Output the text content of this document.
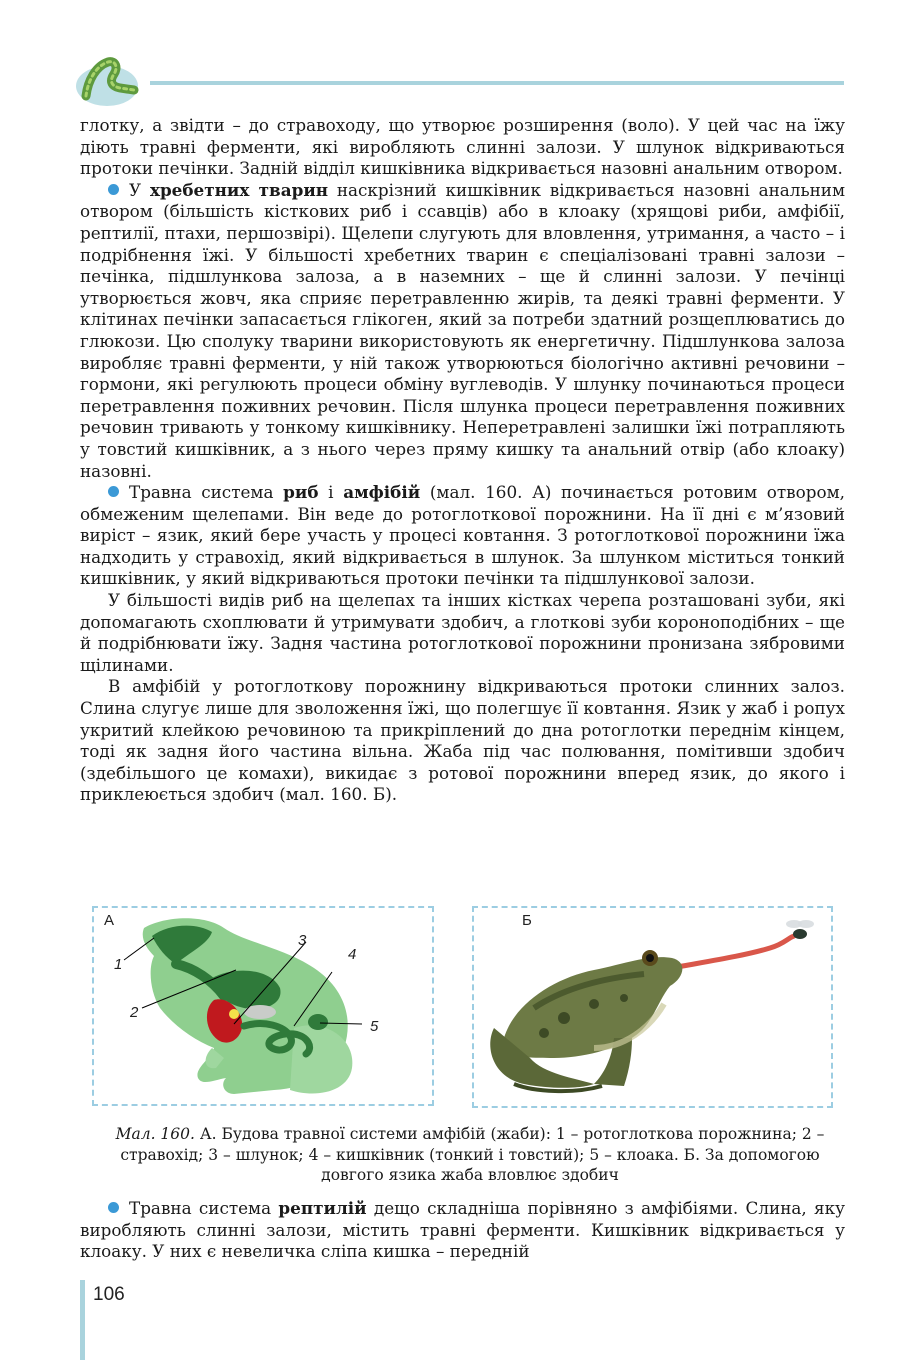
глотку, а звідти – до стравоходу, що утворює розширення (воло). У цей час на їжу діють травні ферменти, які виробляють слинні залози. У шлунок відкриваються протоки печінки. Задній відділ кишківника відкривається назовні анальним отвором.

У хребетних тварин наскрізний кишківник відкривається назовні анальним отвором (більшість кісткових риб і ссавців) або в клоаку (хрящові риби, амфібії, рептилії, птахи, першозвірі). Щелепи слугують для вловлення, утримання, а часто – і подрібнення їжі. У більшості хребетних тварин є спеціалізовані травні залози – печінка, підшлункова залоза, а в наземних – ще й слинні залози. У печінці утворюється жовч, яка сприяє перетравленню жирів, та деякі травні ферменти. У клітинах печінки запасається глікоген, який за потреби здатний розщеплюватись до глюкози. Цю сполуку тварини використовують як енергетичну. Підшлункова залоза виробляє травні ферменти, у ній також утворюються біологічно активні речовини – гормони, які регулюють процеси обміну вуглеводів. У шлунку починаються процеси перетравлення поживних речовин. Після шлунка процеси перетравлення поживних речовин тривають у тонкому кишківнику. Неперетравлені залишки їжі потрапляють у товстий кишківник, а з нього через пряму кишку та анальний отвір (або клоаку) назовні.

Травна система риб і амфібій (мал. 160. А) починається ротовим отвором, обмеженим щелепами. Він веде до ротоглоткової порожнини. На її дні є м’язовий виріст – язик, який бере участь у процесі ковтання. З ротоглоткової порожнини їжа надходить у стравохід, який відкривається в шлунок. За шлунком міститься тонкий кишківник, у який відкриваються протоки печінки та підшлункової залози.

У більшості видів риб на щелепах та інших кістках черепа розташовані зуби, які допомагають схоплювати й утримувати здобич, а глоткові зуби короноподібних – ще й подрібнювати їжу. Задня частина ротоглоткової порожнини пронизана зябровими щілинами.

В амфібій у ротоглоткову порожнину відкриваються протоки слинних залоз. Слина слугує лише для зволоження їжі, що полегшує її ковтання. Язик у жаб і ропух укритий клейкою речовиною та прикріплений до дна ротоглотки переднім кінцем, тоді як задня його частина вільна. Жаба під час полювання, помітивши здобич (здебільшого це комахи), викидає з ротової порожнини вперед язик, до якого і приклеюється здобич (мал. 160. Б).

А
1
2
3
4
5
Б
Мал. 160. А. Будова травної системи амфібій (жаби): 1 – ротоглоткова порожнина; 2 – стравохід; 3 – шлунок; 4 – кишківник (тонкий і товстий); 5 – клоака. Б. За допомогою довгого язика жаба вловлює здобич

Травна система рептилій дещо складніша порівняно з амфібіями. Слина, яку виробляють слинні залози, містить травні ферменти. Кишківник відкривається у клоаку. У них є невеличка сліпа кишка – передній

106
